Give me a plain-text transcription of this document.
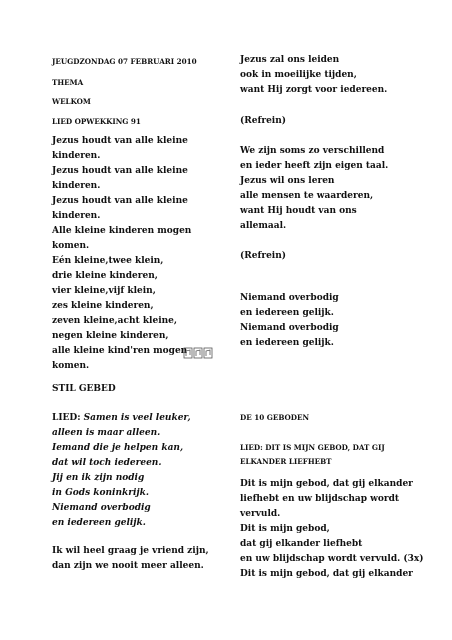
JEUGDZONDAG 07 FEBRUARI 2010
THEMA
WELKOM
LIED OPWEKKING 91
Jezus houdt van alle kleine
kinderen.
Jezus houdt van alle kleine
kinderen.
Jezus houdt van alle kleine
kinderen.
Alle kleine kinderen mogen
komen.
Eén kleine,twee klein,
drie kleine kinderen,
vier kleine,vijf klein,
zes kleine kinderen,
zeven kleine,acht kleine,
negen kleine kinderen,
alle kleine kind'ren mogen
komen.
STIL GEBED
LIED: Samen is veel leuker,
alleen is maar alleen.
Iemand die je helpen kan,
dat wil toch iedereen.
Jij en ik zijn nodig
in Gods koninkrijk.
Niemand overbodig
en iedereen gelijk.
Ik wil heel graag je vriend zijn,
dan zijn we nooit meer alleen.
Jezus zal ons leiden
ook in moeilijke tijden,
want Hij zorgt voor iedereen.
(Refrein)
We zijn soms zo verschillend
en ieder heeft zijn eigen taal.
Jezus wil ons leren
alle mensen te waarderen,
want Hij houdt van ons
allemaal.
(Refrein)
Niemand overbodig
en iedereen gelijk.
Niemand overbodig
en iedereen gelijk.
DE 10 GEBODEN
LIED: DIT IS MIJN GEBOD, DAT GIJ
ELKANDER LIEFHEBT
Dit is mijn gebod, dat gij elkander
liefhebt en uw blijdschap wordt
vervuld.
Dit is mijn gebod,
dat gij elkander liefhebt
en uw blijdschap wordt vervuld. (3x)
Dit is mijn gebod, dat gij elkander
